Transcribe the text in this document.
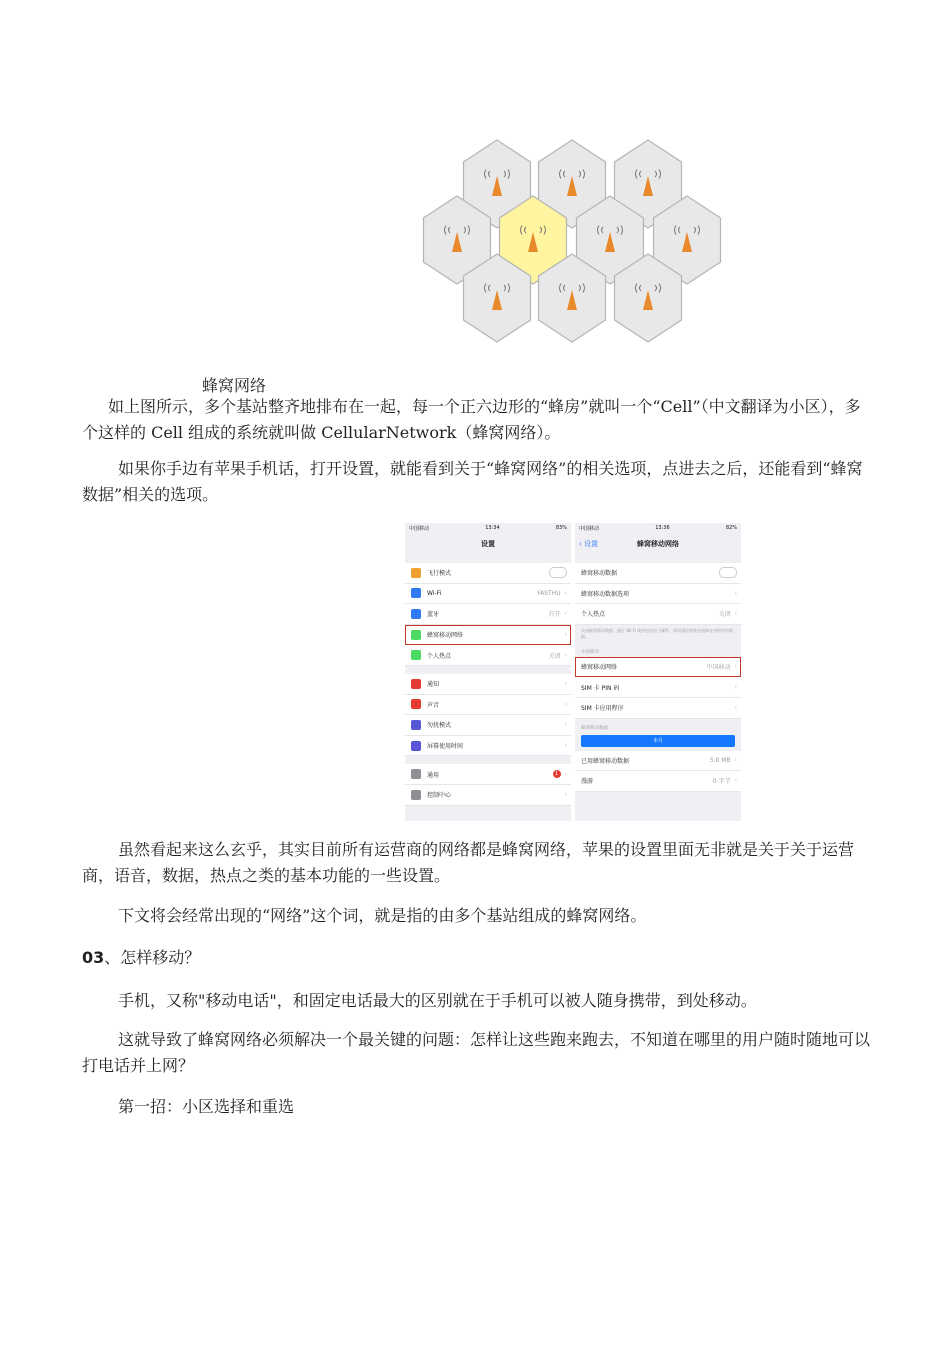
蜂窝网络

如上图所示，多个基站整齐地排布在一起，每一个正六边形的“蜂房”就叫一个“Cell”（中文翻译为小区），多个这样的 Cell 组成的系统就叫做 CellularNetwork（蜂窝网络）。

如果你手边有苹果手机话，打开设置，就能看到关于“蜂窝网络”的相关选项，点进去之后，还能看到“蜂窝数据”相关的选项。

中国移动	13:34	83%
设置
飞行模式
Wi-Fi	FASTHU ›
蓝牙	打开 ›
蜂窝移动网络	›
个人热点	关闭 ›
通知	›
声音	›
勿扰模式	›
屏幕使用时间	›
通用	1	›
控制中心	›
中国移动	13:36	82%
‹ 设置	蜂窝移动网络
蜂窝移动数据
蜂窝移动数据选项	›
个人热点	关闭 ›
关闭蜂窝移动数据，通过 Wi-Fi 使用包括电子邮件、网页浏览和推送通知在内的所有数据。
中国移动
蜂窝移动网络	中国移动 ›
SIM 卡 PIN 码	›
SIM 卡应用程序	›
蜂窝移动数据
本月
已用蜂窝移动数据	5.0 MB ›
漫游	0 字节 ›

虽然看起来这么玄乎，其实目前所有运营商的网络都是蜂窝网络，苹果的设置里面无非就是关于关于运营商，语音，数据，热点之类的基本功能的一些设置。

下文将会经常出现的“网络”这个词，就是指的由多个基站组成的蜂窝网络。

03、怎样移动？

手机，又称"移动电话"，和固定电话最大的区别就在于手机可以被人随身携带，到处移动。

这就导致了蜂窝网络必须解决一个最关键的问题：怎样让这些跑来跑去，不知道在哪里的用户随时随地可以打电话并上网？

第一招：小区选择和重选
